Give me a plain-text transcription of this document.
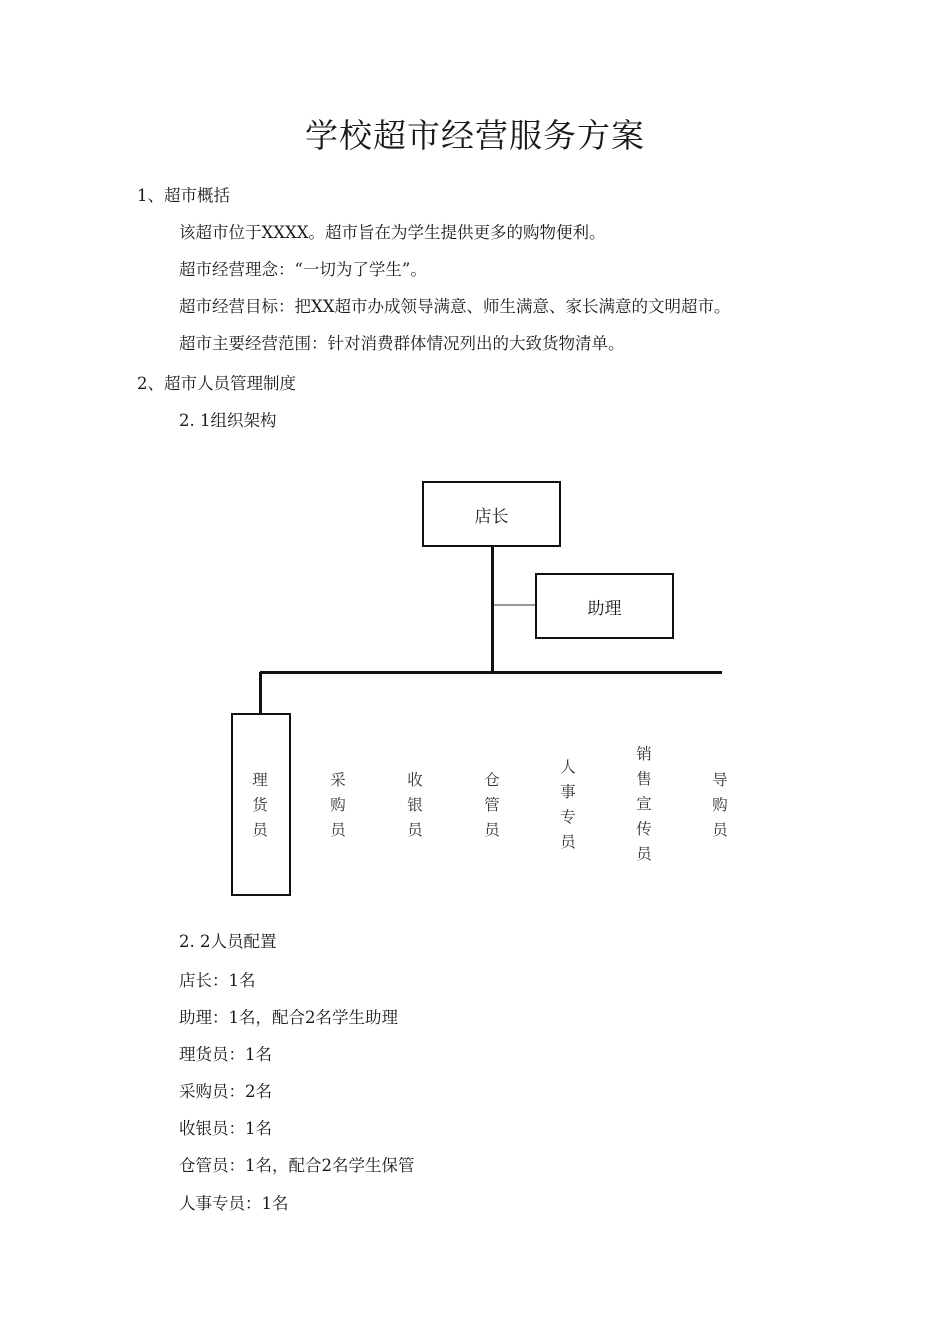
学校超市经营服务方案
1、超市概括
该超市位于XXXX。超市旨在为学生提供更多的购物便利。
超市经营理念：“一切为了学生”。
超市经营目标：把XX超市办成领导满意、师生满意、家长满意的文明超市。
超市主要经营范围：针对消费群体情况列出的大致货物清单。
2、超市人员管理制度
2. 1组织架构
店长
助理
理
货
员
采
购
员
收
银
员
仓
管
员
人
事
专
员
销
售
宣
传
员
导
购
员
2. 2人员配置
店长：1名
助理：1名，配合2名学生助理
理货员：1名
采购员：2名
收银员：1名
仓管员：1名，配合2名学生保管
人事专员：1名
